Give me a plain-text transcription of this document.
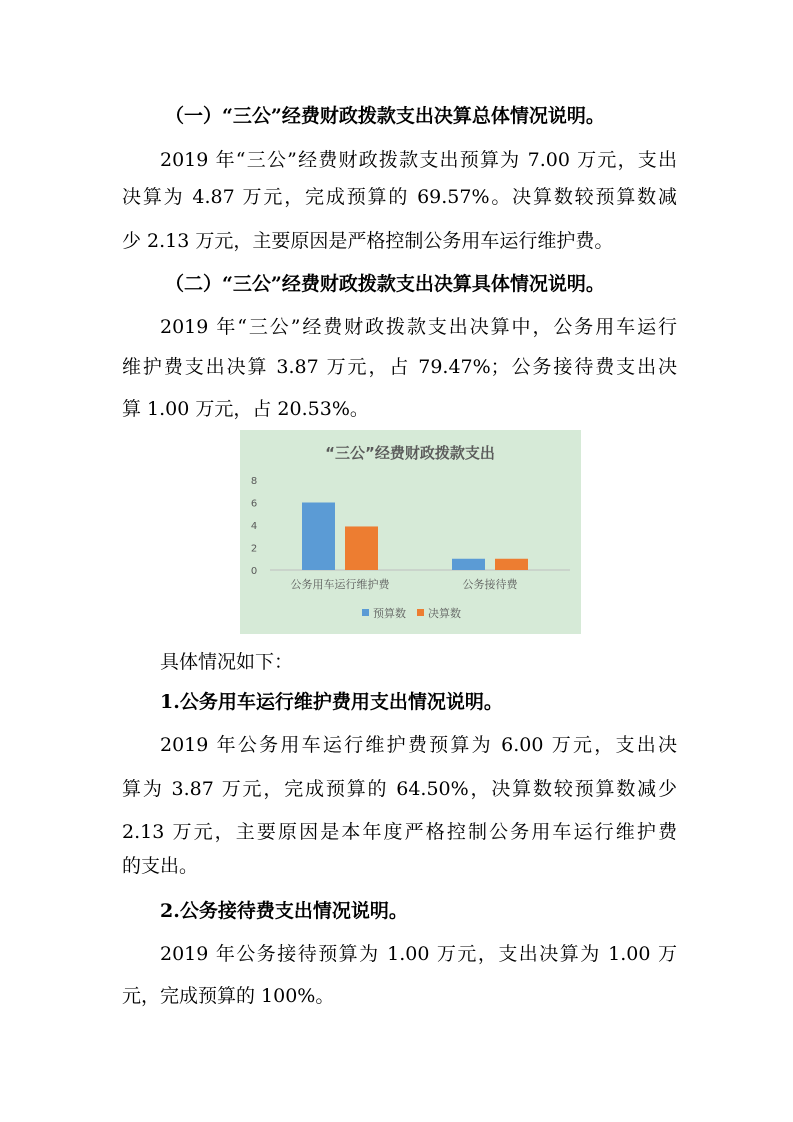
（一）“三公”经费财政拨款支出决算总体情况说明。
2019 年“三公”经费财政拨款支出预算为 7.00 万元，支出
决算为 4.87 万元，完成预算的 69.57%。决算数较预算数减
少 2.13 万元，主要原因是严格控制公务用车运行维护费。
（二）“三公”经费财政拨款支出决算具体情况说明。
2019 年“三公”经费财政拨款支出决算中，公务用车运行
维护费支出决算 3.87 万元，占 79.47%；公务接待费支出决
算 1.00 万元，占 20.53%。
“三公”经费财政拨款支出
0
2
4
6
8
公务用车运行维护费	公务接待费
预算数 决算数
具体情况如下：
1.公务用车运行维护费用支出情况说明。
2019 年公务用车运行维护费预算为 6.00 万元，支出决
算为 3.87 万元，完成预算的 64.50%，决算数较预算数减少
2.13 万元，主要原因是本年度严格控制公务用车运行维护费
的支出。
2.公务接待费支出情况说明。
2019 年公务接待预算为 1.00 万元，支出决算为 1.00 万
元，完成预算的 100%。
